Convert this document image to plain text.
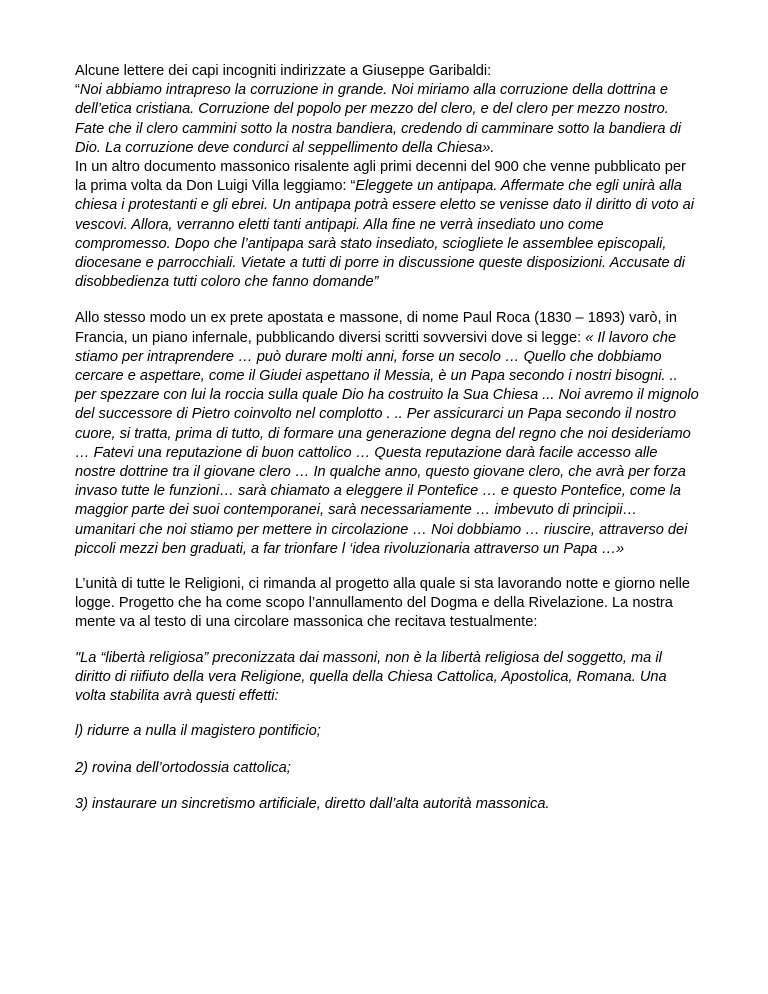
Alcune lettere dei capi incogniti indirizzate a Giuseppe Garibaldi:
“Noi abbiamo intrapreso la corruzione in grande. Noi miriamo alla corruzione della dottrina e dell’etica cristiana. Corruzione del popolo per mezzo del clero, e del clero per mezzo nostro. Fate che il clero cammini sotto la nostra bandiera, credendo di camminare sotto la bandiera di Dio. La corruzione deve condurci al seppellimento della Chiesa».
In un altro documento massonico risalente agli primi decenni del 900 che venne pubblicato per la prima volta da Don Luigi Villa leggiamo: “Eleggete un antipapa. Affermate che egli unirà alla chiesa i protestanti e gli ebrei. Un antipapa potrà essere eletto se venisse dato il diritto di voto ai vescovi. Allora, verranno eletti tanti antipapi. Alla fine ne verrà insediato uno come compromesso. Dopo che l’antipapa sarà stato insediato, sciogliete le assemblee episcopali, diocesane e parrocchiali. Vietate a tutti di porre in discussione queste disposizioni. Accusate di disobbedienza tutti coloro che fanno domande”

Allo stesso modo un ex prete apostata e massone, di nome Paul Roca (1830 – 1893) varò, in Francia, un piano infernale, pubblicando diversi scritti sovversivi dove si legge: « Il lavoro che stiamo per intraprendere … può durare molti anni, forse un secolo … Quello che dobbiamo cercare e aspettare, come il Giudei aspettano il Messia, è un Papa secondo i nostri bisogni. .. per spezzare con lui la roccia sulla quale Dio ha costruito la Sua Chiesa ... Noi avremo il mignolo del successore di Pietro coinvolto nel complotto . .. Per assicurarci un Papa secondo il nostro cuore, si tratta, prima di tutto, di formare una generazione degna del regno che noi desideriamo … Fatevi una reputazione di buon cattolico … Questa reputazione darà facile accesso alle nostre dottrine tra il giovane clero … In qualche anno, questo giovane clero, che avrà per forza invaso tutte le funzioni… sarà chiamato a eleggere il Pontefice … e questo Pontefice, come la maggior parte dei suoi contemporanei, sarà necessariamente … imbevuto di principii… umanitari che noi stiamo per mettere in circolazione … Noi dobbiamo … riuscire, attraverso dei piccoli mezzi ben graduati, a far trionfare l ‘idea rivoluzionaria attraverso un Papa …»

L’unità di tutte le Religioni, ci rimanda al progetto alla quale si sta lavorando notte e giorno nelle logge. Progetto che ha come scopo l’annullamento del Dogma e della Rivelazione. La nostra mente va al testo di una circolare massonica che recitava testualmente:

"La “libertà religiosa” preconizzata dai massoni, non è la libertà religiosa del soggetto, ma il diritto di riifiuto della vera Religione, quella della Chiesa Cattolica, Apostolica, Romana. Una volta stabilita avrà questi effetti:

l) ridurre a nulla il magistero pontificio;

2) rovina dell’ortodossia cattolica;

3) instaurare un sincretismo artificiale, diretto dall’alta autorità massonica.
